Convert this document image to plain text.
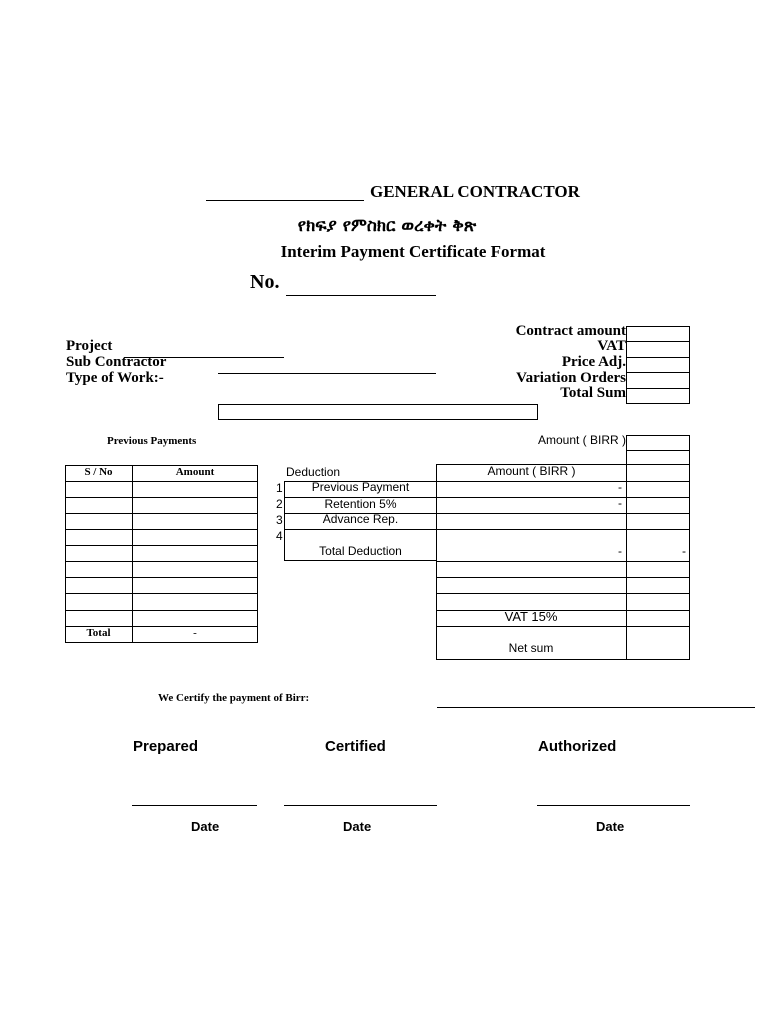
GENERAL CONTRACTOR
የክፍያ የምስክር ወረቀት ቅጽ
Interim Payment Certificate Format
No.
Project
Sub Contractor
Type of Work:-
Contract amount
VAT
Price Adj.
Variation Orders
Total Sum
Previous Payments
S / No	Amount
Total	-
Amount ( BIRR )
Deduction	Amount ( BIRR )
1	Previous Payment	-
2	Retention 5%	-
3	Advance Rep.
4
Total Deduction	-	-
VAT 15%
Net sum
We Certify the payment of Birr:
Prepared	Certified	Authorized
Date	Date	Date
